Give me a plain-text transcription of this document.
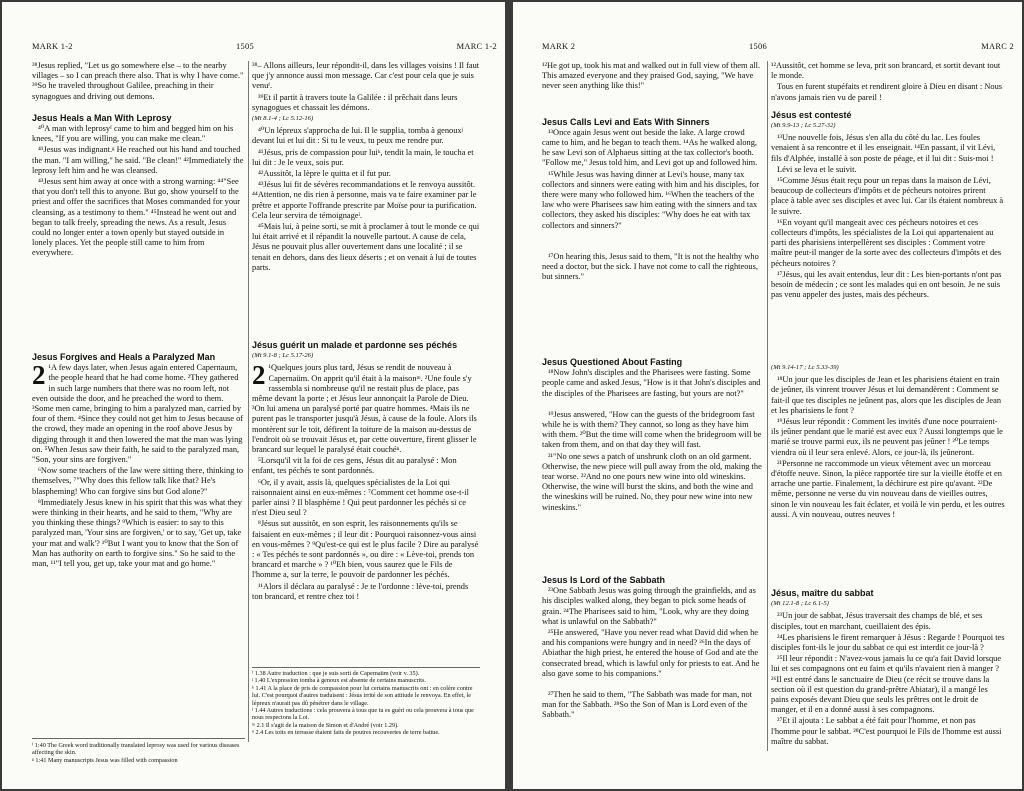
MARK 1-2	1505	MARC 1-2

³⁸Jesus replied, "Let us go somewhere else – to the nearby villages – so I can preach there also. That is why I have come." ³⁹So he traveled throughout Galilee, preaching in their synagogues and driving out demons.

Jesus Heals a Man With Leprosy

⁴⁰A man with leprosyᶠ came to him and begged him on his knees, "If you are willing, you can make me clean."

⁴¹Jesus was indignant.ᵍ He reached out his hand and touched the man. "I am willing," he said. "Be clean!" ⁴²Immediately the leprosy left him and he was cleansed.

⁴³Jesus sent him away at once with a strong warning: ⁴⁴"See that you don't tell this to anyone. But go, show yourself to the priest and offer the sacrifices that Moses commanded for your cleansing, as a testimony to them." ⁴⁵Instead he went out and began to talk freely, spreading the news. As a result, Jesus could no longer enter a town openly but stayed outside in lonely places. Yet the people still came to him from everywhere.

Jesus Forgives and Heals a Paralyzed Man

2 ¹A few days later, when Jesus again entered Capernaum, the people heard that he had come home. ²They gathered in such large numbers that there was no room left, not even outside the door, and he preached the word to them. ³Some men came, bringing to him a paralyzed man, carried by four of them. ⁴Since they could not get him to Jesus because of the crowd, they made an opening in the roof above Jesus by digging through it and then lowered the mat the man was lying on. ⁵When Jesus saw their faith, he said to the paralyzed man, "Son, your sins are forgiven."

⁶Now some teachers of the law were sitting there, thinking to themselves, ⁷"Why does this fellow talk like that? He's blaspheming! Who can forgive sins but God alone?"

⁸Immediately Jesus knew in his spirit that this was what they were thinking in their hearts, and he said to them, "Why are you thinking these things? ⁹Which is easier: to say to this paralyzed man, 'Your sins are forgiven,' or to say, 'Get up, take your mat and walk'? ¹⁰But I want you to know that the Son of Man has authority on earth to forgive sins." So he said to the man, ¹¹"I tell you, get up, take your mat and go home."

³⁸– Allons ailleurs, leur répondit-il, dans les villages voisins ! Il faut que j'y annonce aussi mon message. Car c'est pour cela que je suis venuᶠ.

³⁹Et il partit à travers toute la Galilée : il prêchait dans leurs synagogues et chassait les démons.

(Mt 8.1-4 ; Lc 5.12-16)

⁴⁰Un lépreux s'approcha de lui. Il le supplia, tomba à genouxʲ devant lui et lui dit : Si tu le veux, tu peux me rendre pur.

⁴¹Jésus, pris de compassion pour luiᵏ, tendit la main, le toucha et lui dit : Je le veux, sois pur.

⁴²Aussitôt, la lèpre le quitta et il fut pur.

⁴³Jésus lui fit de sévères recommandations et le renvoya aussitôt. ⁴⁴Attention, ne dis rien à personne, mais va te faire examiner par le prêtre et apporte l'offrande prescrite par Moïse pour ta purification. Cela leur servira de témoignageˡ.

⁴⁵Mais lui, à peine sorti, se mit à proclamer à tout le monde ce qui lui était arrivé et il répandit la nouvelle partout. A cause de cela, Jésus ne pouvait plus aller ouvertement dans une localité ; il se tenait en dehors, dans des lieux déserts ; et on venait à lui de toutes parts.

Jésus guérit un malade et pardonne ses péchés
(Mt 9.1-8 ; Lc 5.17-26)

2 ¹Quelques jours plus tard, Jésus se rendit de nouveau à Capernaüm. On apprit qu'il était à la maisonᵐ. ²Une foule s'y rassembla si nombreuse qu'il ne restait plus de place, pas même devant la porte ; et Jésus leur annonçait la Parole de Dieu. ³On lui amena un paralysé porté par quatre hommes. ⁴Mais ils ne purent pas le transporter jusqu'à Jésus, à cause de la foule. Alors ils montèrent sur le toit, défirent la toiture de la maison au-dessus de l'endroit où se trouvait Jésus et, par cette ouverture, firent glisser le brancard sur lequel le paralysé était couchéⁿ.

⁵Lorsqu'il vit la foi de ces gens, Jésus dit au paralysé : Mon enfant, tes péchés te sont pardonnés.

⁶Or, il y avait, assis là, quelques spécialistes de la Loi qui raisonnaient ainsi en eux-mêmes : ⁷Comment cet homme ose-t-il parler ainsi ? Il blasphème ! Qui peut pardonner les péchés si ce n'est Dieu seul ?

⁸Jésus sut aussitôt, en son esprit, les raisonnements qu'ils se faisaient en eux-mêmes ; il leur dit : Pourquoi raisonnez-vous ainsi en vous-mêmes ? ⁹Qu'est-ce qui est le plus facile ? Dire au paralysé : « Tes péchés te sont pardonnés », ou dire : « Lève-toi, prends ton brancard et marche » ? ¹⁰Eh bien, vous saurez que le Fils de l'homme a, sur la terre, le pouvoir de pardonner les péchés.

¹¹Alors il déclara au paralysé : Je te l'ordonne : lève-toi, prends ton brancard, et rentre chez toi !

ᶠ 1.38 Autre traduction : que je suis sorti de Capernaüm (voir v. 35).

ʲ 1.40 L'expression tomba à genoux est absente de certains manuscrits.

ᵏ 1.41 A la place de pris de compassion pour lui certains manuscrits ont : en colère contre lui. C'est pourquoi d'autres traduisent : Jésus irrité de son attitude le renvoya. En effet, le lépreux n'aurait pas dû pénétrer dans le village.

ˡ 1.44 Autres traductions : cela prouvera à tous que tu es guéri ou cela prouvera à tous que nous respectons la Loi.

ᵐ 2.1 Il s'agit de la maison de Simon et d'André (voir 1.29).

ⁿ 2.4 Les toits en terrasse étaient faits de poutres recouvertes de terre battue.

ᶠ 1:40 The Greek word traditionally translated leprosy was used for various diseases affecting the skin.

ᵍ 1:41 Many manuscripts Jesus was filled with compassion

MARK 2	1506	MARC 2

¹²He got up, took his mat and walked out in full view of them all. This amazed everyone and they praised God, saying, "We have never seen anything like this!"

Jesus Calls Levi and Eats With Sinners

¹³Once again Jesus went out beside the lake. A large crowd came to him, and he began to teach them. ¹⁴As he walked along, he saw Levi son of Alphaeus sitting at the tax collector's booth. "Follow me," Jesus told him, and Levi got up and followed him.

¹⁵While Jesus was having dinner at Levi's house, many tax collectors and sinners were eating with him and his disciples, for there were many who followed him. ¹⁶When the teachers of the law who were Pharisees saw him eating with the sinners and tax collectors, they asked his disciples: "Why does he eat with tax collectors and sinners?"

¹⁷On hearing this, Jesus said to them, "It is not the healthy who need a doctor, but the sick. I have not come to call the righteous, but sinners."

Jesus Questioned About Fasting

¹⁸Now John's disciples and the Pharisees were fasting. Some people came and asked Jesus, "How is it that John's disciples and the disciples of the Pharisees are fasting, but yours are not?"

¹⁹Jesus answered, "How can the guests of the bridegroom fast while he is with them? They cannot, so long as they have him with them. ²⁰But the time will come when the bridegroom will be taken from them, and on that day they will fast.

²¹"No one sews a patch of unshrunk cloth on an old garment. Otherwise, the new piece will pull away from the old, making the tear worse. ²²And no one pours new wine into old wineskins. Otherwise, the wine will burst the skins, and both the wine and the wineskins will be ruined. No, they pour new wine into new wineskins."

Jesus Is Lord of the Sabbath

²³One Sabbath Jesus was going through the grainfields, and as his disciples walked along, they began to pick some heads of grain. ²⁴The Pharisees said to him, "Look, why are they doing what is unlawful on the Sabbath?"

²⁵He answered, "Have you never read what David did when he and his companions were hungry and in need? ²⁶In the days of Abiathar the high priest, he entered the house of God and ate the consecrated bread, which is lawful only for priests to eat. And he also gave some to his companions."

²⁷Then he said to them, "The Sabbath was made for man, not man for the Sabbath. ²⁸So the Son of Man is Lord even of the Sabbath."

¹²Aussitôt, cet homme se leva, prit son brancard, et sortit devant tout le monde.

Tous en furent stupéfaits et rendirent gloire à Dieu en disant : Nous n'avons jamais rien vu de pareil !

Jésus est contesté
(Mt 9.9-13 ; Lc 5.27-32)

¹³Une nouvelle fois, Jésus s'en alla du côté du lac. Les foules venaient à sa rencontre et il les enseignait. ¹⁴En passant, il vit Lévi, fils d'Alphée, installé à son poste de péage, et il lui dit : Suis-moi !

Lévi se leva et le suivit.

¹⁵Comme Jésus était reçu pour un repas dans la maison de Lévi, beaucoup de collecteurs d'impôts et de pécheurs notoires prirent place à table avec ses disciples et avec lui. Car ils étaient nombreux à le suivre.

¹⁶En voyant qu'il mangeait avec ces pécheurs notoires et ces collecteurs d'impôts, les spécialistes de la Loi qui appartenaient au parti des pharisiens interpellèrent ses disciples : Comment votre maître peut-il manger de la sorte avec des collecteurs d'impôts et des pécheurs notoires ?

¹⁷Jésus, qui les avait entendus, leur dit : Les bien-portants n'ont pas besoin de médecin ; ce sont les malades qui en ont besoin. Je ne suis pas venu appeler des justes, mais des pécheurs.

(Mt 9.14-17 ; Lc 5.33-39)

¹⁸Un jour que les disciples de Jean et les pharisiens étaient en train de jeûner, ils vinrent trouver Jésus et lui demandèrent : Comment se fait-il que tes disciples ne jeûnent pas, alors que les disciples de Jean et les pharisiens le font ?

¹⁹Jésus leur répondit : Comment les invités d'une noce pourraient-ils jeûner pendant que le marié est avec eux ? Aussi longtemps que le marié se trouve parmi eux, ils ne peuvent pas jeûner ! ²⁰Le temps viendra où il leur sera enlevé. Alors, ce jour-là, ils jeûneront.

²¹Personne ne raccommode un vieux vêtement avec un morceau d'étoffe neuve. Sinon, la pièce rapportée tire sur la vieille étoffe et en arrache une partie. Finalement, la déchirure est pire qu'avant. ²²De même, personne ne verse du vin nouveau dans de vieilles outres, sinon le vin nouveau les fait éclater, et voilà le vin perdu, et les outres aussi. A vin nouveau, outres neuves !

Jésus, maître du sabbat
(Mt 12.1-8 ; Lc 6.1-5)

²³Un jour de sabbat, Jésus traversait des champs de blé, et ses disciples, tout en marchant, cueillaient des épis.

²⁴Les pharisiens le firent remarquer à Jésus : Regarde ! Pourquoi tes disciples font-ils le jour du sabbat ce qui est interdit ce jour-là ?

²⁵Il leur répondit : N'avez-vous jamais lu ce qu'a fait David lorsque lui et ses compagnons ont eu faim et qu'ils n'avaient rien à manger ? ²⁶Il est entré dans le sanctuaire de Dieu (ce récit se trouve dans la section où il est question du grand-prêtre Abiatar), il a mangé les pains exposés devant Dieu que seuls les prêtres ont le droit de manger, et il en a donné aussi à ses compagnons.

²⁷Et il ajouta : Le sabbat a été fait pour l'homme, et non pas l'homme pour le sabbat. ²⁸C'est pourquoi le Fils de l'homme est aussi maître du sabbat.
